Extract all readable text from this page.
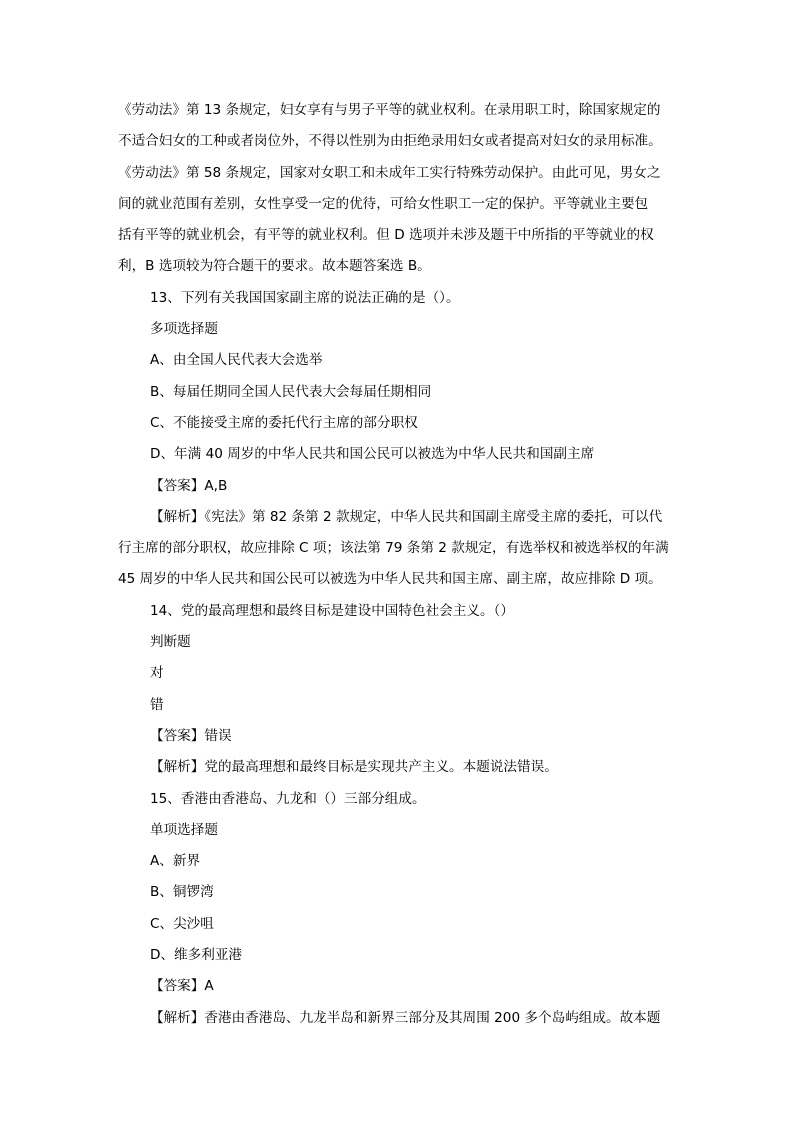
《劳动法》第 13 条规定，妇女享有与男子平等的就业权利。在录用职工时，除国家规定的
不适合妇女的工种或者岗位外，不得以性别为由拒绝录用妇女或者提高对妇女的录用标准。
《劳动法》第 58 条规定，国家对女职工和未成年工实行特殊劳动保护。由此可见，男女之
间的就业范围有差别，女性享受一定的优待，可给女性职工一定的保护。平等就业主要包
括有平等的就业机会，有平等的就业权利。但 D 选项并未涉及题干中所指的平等就业的权
利，B 选项较为符合题干的要求。故本题答案选 B。
13、下列有关我国国家副主席的说法正确的是（）。
多项选择题
A、由全国人民代表大会选举
B、每届任期同全国人民代表大会每届任期相同
C、不能接受主席的委托代行主席的部分职权
D、年满 40 周岁的中华人民共和国公民可以被选为中华人民共和国副主席
【答案】A,B
【解析】《宪法》第 82 条第 2 款规定，中华人民共和国副主席受主席的委托，可以代
行主席的部分职权，故应排除 C 项；该法第 79 条第 2 款规定，有选举权和被选举权的年满
45 周岁的中华人民共和国公民可以被选为中华人民共和国主席、副主席，故应排除 D 项。
14、党的最高理想和最终目标是建设中国特色社会主义。（）
判断题
对
错
【答案】错误
【解析】党的最高理想和最终目标是实现共产主义。本题说法错误。
15、香港由香港岛、九龙和（）三部分组成。
单项选择题
A、新界
B、铜锣湾
C、尖沙咀
D、维多利亚港
【答案】A
【解析】香港由香港岛、九龙半岛和新界三部分及其周围 200 多个岛屿组成。故本题
